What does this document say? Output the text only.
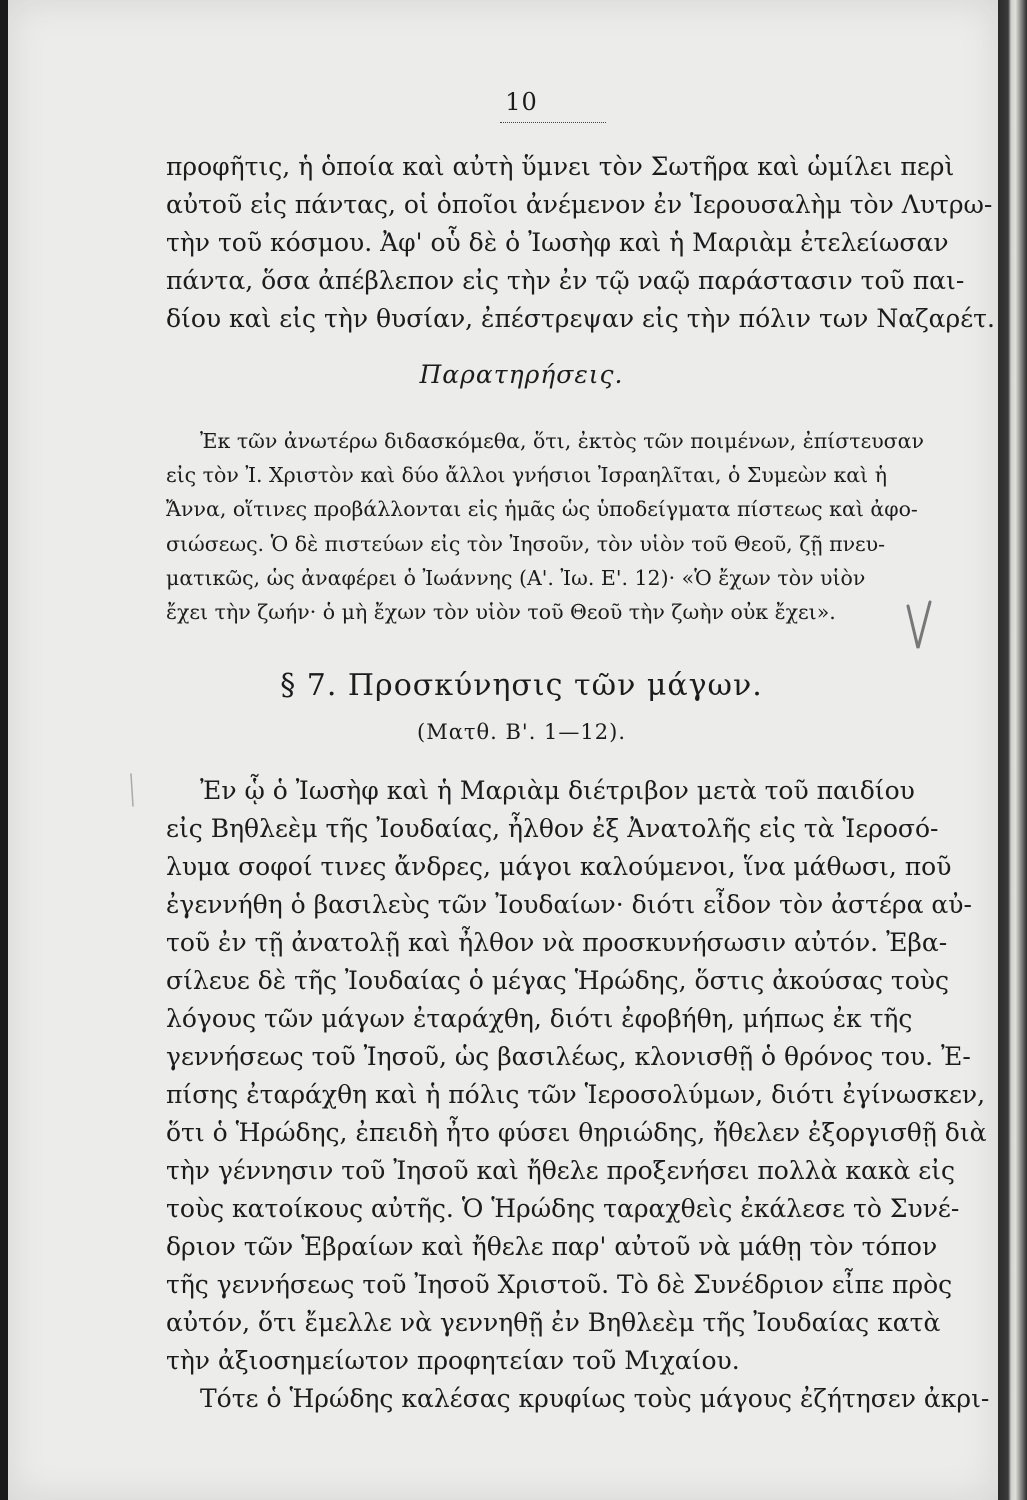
10
προφῆτις, ἡ ὁποία καὶ αὐτὴ ὕμνει τὸν Σωτῆρα καὶ ὡμίλει περὶ
αὐτοῦ εἰς πάντας, οἱ ὁποῖοι ἀνέμενον ἐν Ἱερουσαλὴμ τὸν Λυτρω-
τὴν τοῦ κόσμου. Ἀφ' οὗ δὲ ὁ Ἰωσὴφ καὶ ἡ Μαριὰμ ἐτελείωσαν
πάντα, ὅσα ἀπέβλεπον εἰς τὴν ἐν τῷ ναῷ παράστασιν τοῦ παι-
δίου καὶ εἰς τὴν θυσίαν, ἐπέστρεψαν εἰς τὴν πόλιν των Ναζαρέτ.
Παρατηρήσεις.
Ἐκ τῶν ἀνωτέρω διδασκόμεθα, ὅτι, ἐκτὸς τῶν ποιμένων, ἐπίστευσαν
εἰς τὸν Ἰ. Χριστὸν καὶ δύο ἄλλοι γνήσιοι Ἰσραηλῖται, ὁ Συμεὼν καὶ ἡ
Ἄννα, οἵτινες προβάλλονται εἰς ἡμᾶς ὡς ὑποδείγματα πίστεως καὶ ἀφο-
σιώσεως. Ὁ δὲ πιστεύων εἰς τὸν Ἰησοῦν, τὸν υἱὸν τοῦ Θεοῦ, ζῇ πνευ-
ματικῶς, ὡς ἀναφέρει ὁ Ἰωάννης (Α'. Ἰω. Ε'. 12)· «Ὁ ἔχων τὸν υἱὸν
ἔχει τὴν ζωήν· ὁ μὴ ἔχων τὸν υἱὸν τοῦ Θεοῦ τὴν ζωὴν οὐκ ἔχει».
§ 7. Προσκύνησις τῶν μάγων.
(Ματθ. Β'. 1—12).
Ἐν ᾧ ὁ Ἰωσὴφ καὶ ἡ Μαριὰμ διέτριβον μετὰ τοῦ παιδίου
εἰς Βηθλεὲμ τῆς Ἰουδαίας, ἦλθον ἐξ Ἀνατολῆς εἰς τὰ Ἱεροσό-
λυμα σοφοί τινες ἄνδρες, μάγοι καλούμενοι, ἵνα μάθωσι, ποῦ
ἐγεννήθη ὁ βασιλεὺς τῶν Ἰουδαίων· διότι εἶδον τὸν ἀστέρα αὐ-
τοῦ ἐν τῇ ἀνατολῇ καὶ ἦλθον νὰ προσκυνήσωσιν αὐτόν. Ἐβα-
σίλευε δὲ τῆς Ἰουδαίας ὁ μέγας Ἡρώδης, ὅστις ἀκούσας τοὺς
λόγους τῶν μάγων ἐταράχθη, διότι ἐφοβήθη, μήπως ἐκ τῆς
γεννήσεως τοῦ Ἰησοῦ, ὡς βασιλέως, κλονισθῇ ὁ θρόνος του. Ἐ-
πίσης ἐταράχθη καὶ ἡ πόλις τῶν Ἱεροσολύμων, διότι ἐγίνωσκεν,
ὅτι ὁ Ἡρώδης, ἐπειδὴ ἦτο φύσει θηριώδης, ἤθελεν ἐξοργισθῇ διὰ
τὴν γέννησιν τοῦ Ἰησοῦ καὶ ἤθελε προξενήσει πολλὰ κακὰ εἰς
τοὺς κατοίκους αὐτῆς. Ὁ Ἡρώδης ταραχθεὶς ἐκάλεσε τὸ Συνέ-
δριον τῶν Ἑβραίων καὶ ἤθελε παρ' αὐτοῦ νὰ μάθῃ τὸν τόπον
τῆς γεννήσεως τοῦ Ἰησοῦ Χριστοῦ. Τὸ δὲ Συνέδριον εἶπε πρὸς
αὐτόν, ὅτι ἔμελλε νὰ γεννηθῇ ἐν Βηθλεὲμ τῆς Ἰουδαίας κατὰ
τὴν ἀξιοσημείωτον προφητείαν τοῦ Μιχαίου.
Τότε ὁ Ἡρώδης καλέσας κρυφίως τοὺς μάγους ἐζήτησεν ἀκρι-
